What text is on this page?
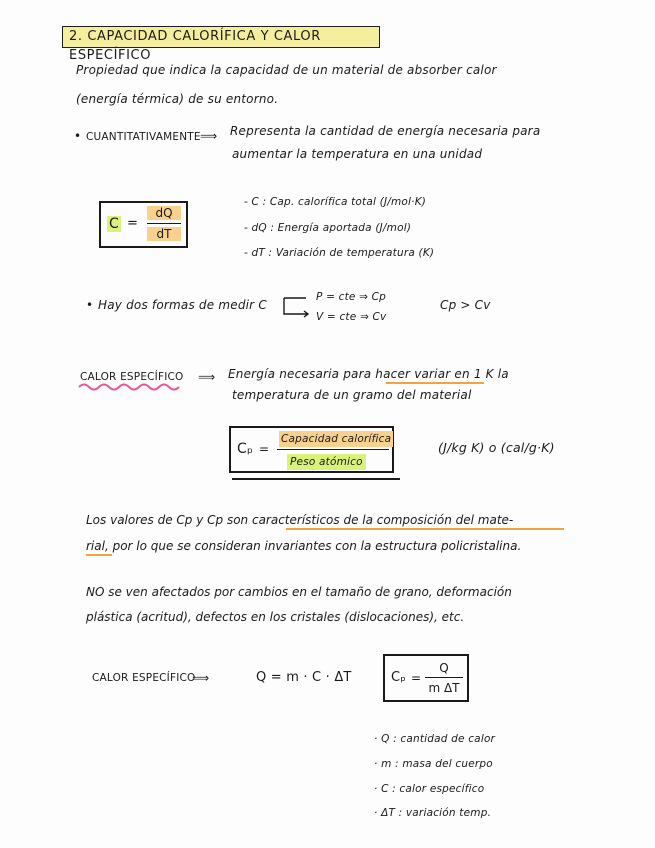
2. CAPACIDAD CALORÍFICA Y CALOR ESPECÍFICO
Propiedad que indica la capacidad de un material de absorber calor
(energía térmica) de su entorno.
• CUANTITATIVAMENTE ⟹ Representa la cantidad de energía necesaria para
aumentar la temperatura en una unidad
C =
dQ
dT
- C : Cap. calorífica total (J/mol·K)
- dQ : Energía aportada (J/mol)
- dT : Variación de temperatura (K)
• Hay dos formas de medir C
P = cte ⇒ Cp
V = cte ⇒ Cv
Cp > Cv
CALOR ESPECÍFICO ⟹ Energía necesaria para hacer variar en 1 K la
temperatura de un gramo del material
Cₚ =
Capacidad calorífica
Peso atómico
(J/kg K) o (cal/g·K)
Los valores de Cp y Cp son característicos de la composición del mate-
rial, por lo que se consideran invariantes con la estructura policristalina.
NO se ven afectados por cambios en el tamaño de grano, deformación
plástica (acritud), defectos en los cristales (dislocaciones), etc.
CALOR ESPECÍFICO
⟹	Q = m · C · ΔT	Cₚ =
Q
m ΔT
· Q : cantidad de calor
· m : masa del cuerpo
· C : calor específico
· ΔT : variación temp.
